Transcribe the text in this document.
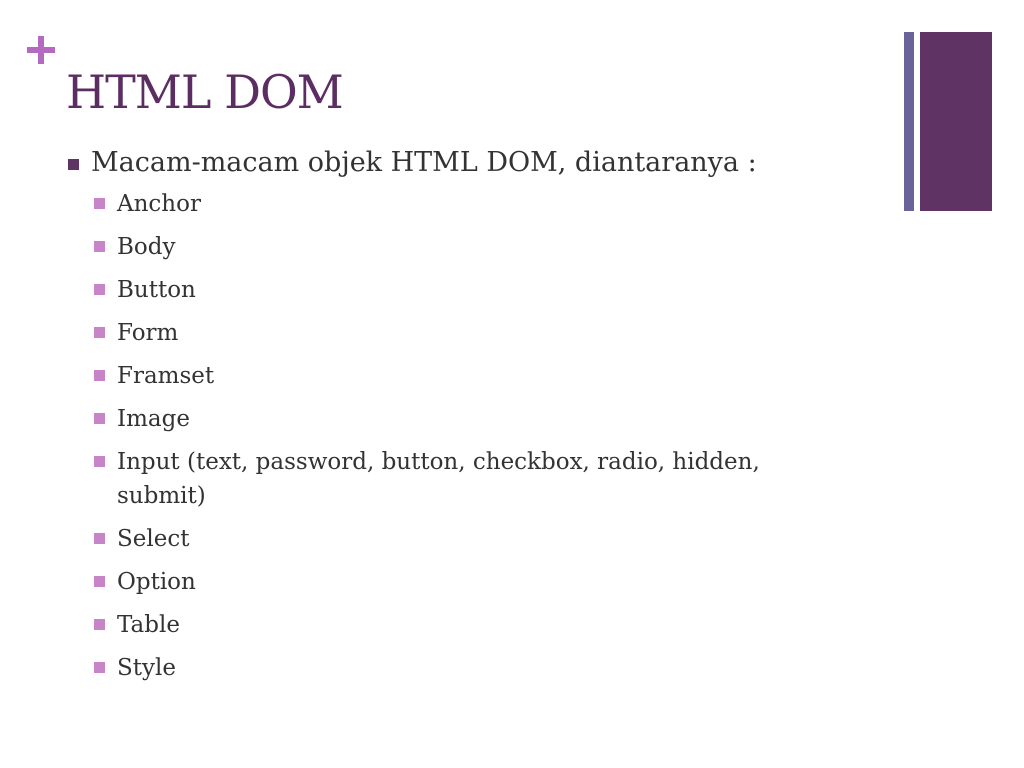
HTML DOM
Macam-macam objek HTML DOM, diantaranya :
Anchor
Body
Button
Form
Framset
Image
Input (text, password, button, checkbox, radio, hidden, submit)
Select
Option
Table
Style
